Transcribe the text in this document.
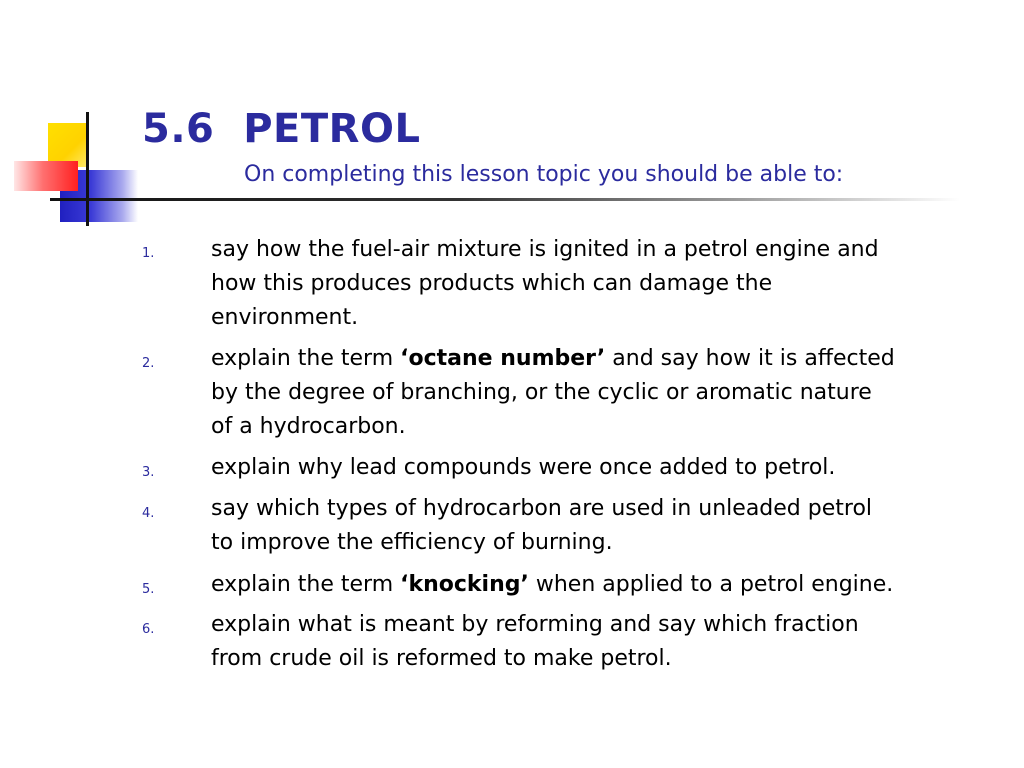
5.6  PETROL
On completing this lesson topic you should be able to:
1.	say how the fuel-air mixture is ignited in a petrol engine and
how this produces products which can damage the
environment.
2.	explain the term ‘octane number’ and say how it is affected
by the degree of branching, or the cyclic or aromatic nature
of a hydrocarbon.
3.	explain why lead compounds were once added to petrol.
4.	say which types of hydrocarbon are used in unleaded petrol
to improve the efficiency of burning.
5.	explain the term ‘knocking’ when applied to a petrol engine.
6.	explain what is meant by reforming and say which fraction
from crude oil is reformed to make petrol.
